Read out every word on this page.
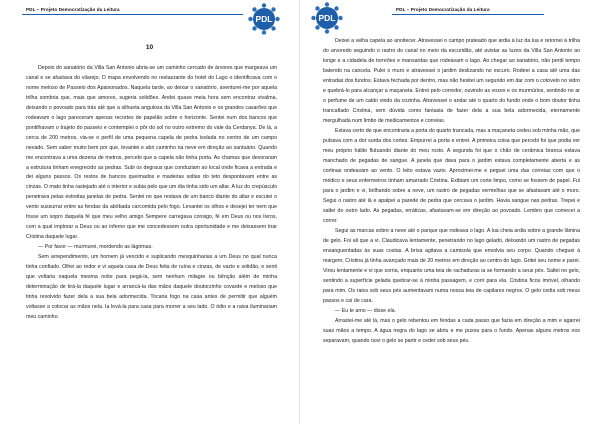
PDL – Projeto Democratização da Leitura
PDL
10

Depois do sanatório da Villa San Antonio abria-se um caminho cercado de árvores que margeava um canal e se afastava do vilarejo. O mapa envolvendo no restaurante do hotel do Lago o identificava com o nome meloso de Passeio dos Apaixonados. Naquela tarde, ao deixar o sanatório, aventurei-me por aquela trilha sombria que, mais que amores, sugeria solidões. Andei quase meia hora sem encontrar vivalma, deixando o povoado para trás até que a silhueta angulosa da Villa San Antonio e os grandes casarões que rodeavam o lago pareceram apenas recortes de papelão sobre o horizonte. Sentei num dos bancos que pontilhavam o trajeto do passeio e contemplei o pôr do sol no outro extremo do vale da Cerdanya. De lá, a cerca de 200 metros, via-se o perfil de uma pequena capela de pedra isolada no centro de um campo nevado. Sem saber muito bem por que, levantei e abri caminho na neve em direção ao santuário. Quando me encontrava a uma dezena de metros, percebi que a capela não tinha porta. As chamas que devoraram a estrutura tinham enegrecido as pedras. Subi os degraus que conduziam ao local onde ficava a entrada e dei alguns passos. Os restos de bancos queimados e madeiras soltas do teto despontavam entre as cinzas. O mato tinha rastejado até o interior e subia pelo que um dia tinha sido um altar. A luz do crepúsculo penetrava pelas estreitas janelas de pedra. Sentei no que restava de um banco diante do altar e escutei o vento sussurrar entre as fendas da abóbada carcomida pelo fogo. Levantei os olhos e desejei ter nem que fosse um sopro daquela fé que meu velho amigo Sempere carregava consigo, fé em Deus ou nos livros, com a qual implorar a Deus ou ao inferno que me concedessem outra oportunidade e me deixassem tirar Cristina daquele lugar.

— Por favor — murmurei, mordendo as lágrimas.

Sem arrependimento, um homem já vencido e suplicando mesquinharias a um Deus no qual nunca tinha confiado. Olhei ao redor e vi aquela casa de Deus feita de ruína e cinzas, de vazio e solidão, e senti que voltaria naquela mesma noite para pegá-la, sem nenhum milagre ou bênção além de minha determinação de tirá-la daquele lugar e arrancá-la das mãos daquele doutorzinho covarde e meloso que tinha resolvido fazer dela a sua bela adormecida. Tocaria fogo na casa antes de permitir que alguém voltasse a colocar as mãos nela. Ia levá-la para casa para morrer a seu lado. O ódio e a raiva iluminariam meu caminho.

PDL
PDL – Projeto Democratização da Leitura

Deixei a velha capela ao anoitecer. Atravessei o campo prateado que ardia à luz da lua e retornei à trilha do arvoredo seguindo o rastro do canal no meio da escuridão, até avistar as luzes da Villa San Antonio ao longe e a cidadela de torreões e mansardas que rodeavam o lago. Ao chegar ao sanatório, não perdi tempo batendo na cancela. Pulei o muro e atravessei o jardim deslizando no escuro. Rodeei a casa até uma das entradas dos fundos. Estava fechada por dentro, mas não hesitei um segundo em dar com o cotovelo no vidro e quebrá-lo para alcançar a maçaneta. Entrei pelo corredor, ouvindo as vozes e os murmúrios, sentindo no ar o perfume de um caldo vindo da cozinha. Atravessei o andar até o quarto do fundo onde o bom doutor tinha trancafiado Cristina, sem dúvida como fantasia de fazer dela a sua bela adormecida, eternamente mergulhada num limbo de medicamentos e correias.

Estava certo de que encontraria a porta do quarto trancada, mas a maçaneta cedeu sob minha mão, que pulsava com a dor surda dos cortes. Empurrei a porta e entrei. A primeira coisa que percebi foi que podia ver meu próprio hálito flutuando diante do meu rosto. A segunda foi que o chão de cerâmica branca estava manchado de pegadas de sangue. A janela que dava para o jardim estava completamente aberta e as cortinas ondeavam ao vento. O leito estava vazio. Aproximei-me e peguei uma das correias com que o médico e seus enfermeiros tinham amarrado Cristina. Exibiam um corte limpo, como se fossem de papel. Fui para o jardim e vi, brilhando sobre a neve, um rastro de pegadas vermelhas que se afastavam até o muro. Segui o rastro até lá e apalpei a parede de pedra que cercava o jardim. Havia sangue nas pedras. Trepei e saltei do outro lado. As pegadas, erráticas, afastavam-se em direção ao povoado. Lembro que comecei a correr.

Segui as marcas sobre a neve até o parque que rodeava o lago. A lua cheia ardia sobre a grande lâmina de gelo. Foi ali que a vi. Claudicava lentamente, penetrando no lago gelado, deixando um rastro de pegadas ensanguentadas às suas costas. A brisa agitava a camisola que envolvia seu corpo. Quando cheguei à margem, Cristina já tinha avançado mais de 20 metros em direção ao centro do lago. Gritei seu nome e parei. Virou lentamente e vi que sorria, enquanto uma teia de rachaduras ia se formando a seus pés. Saltei no gelo, sentindo a superfície gelada quebrar-se à minha passagem, e corri para ela. Cristina ficou imóvel, olhando para mim. Os raios sob seus pés aumentavam numa nossa teia de capilares negros. O gelo cedia sob meus passos e caí de cara.

— Eu te amo — disse ela.

Arrastei-me até lá, mas o gelo rebentou em fendas a cada passo que fazia em direção a mim e agarrei suas mãos a tempo. A água negra do lago se abriu e me puxou para o fundo. Apenas alguns metros nos separavam, quando ouvi o gelo se partir e ceder sob seus pés.
